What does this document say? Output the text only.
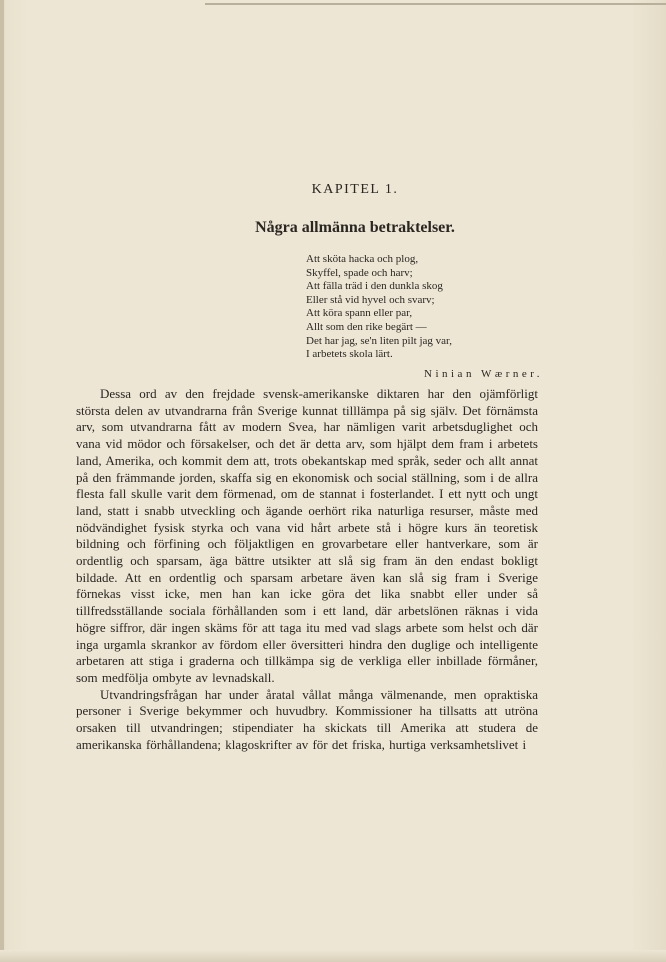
KAPITEL 1.
Några allmänna betraktelser.
Att sköta hacka och plog,
Skyffel, spade och harv;
Att fälla träd i den dunkla skog
Eller stå vid hyvel och svarv;
Att köra spann eller par,
Allt som den rike begärt —
Det har jag, se'n liten pilt jag var,
I arbetets skola lärt.
Ninian Wærner.

Dessa ord av den frejdade svensk-amerikanske diktaren har den ojämförligt största delen av utvandrarna från Sverige kunnat tilllämpa på sig själv. Det förnämsta arv, som utvandrarna fått av modern Svea, har nämligen varit arbetsduglighet och vana vid mödor och försakelser, och det är detta arv, som hjälpt dem fram i arbetets land, Amerika, och kommit dem att, trots obekantskap med språk, seder och allt annat på den främmande jorden, skaffa sig en ekonomisk och social ställning, som i de allra flesta fall skulle varit dem förmenad, om de stannat i fosterlandet. I ett nytt och ungt land, statt i snabb utveckling och ägande oerhört rika naturliga resurser, måste med nödvändighet fysisk styrka och vana vid hårt arbete stå i högre kurs än teoretisk bildning och förfining och följaktligen en grovarbetare eller hantverkare, som är ordentlig och sparsam, äga bättre utsikter att slå sig fram än den endast bokligt bildade. Att en ordentlig och sparsam arbetare även kan slå sig fram i Sverige förnekas visst icke, men han kan icke göra det lika snabbt eller under så tillfredsställande sociala förhållanden som i ett land, där arbetslönen räknas i vida högre siffror, där ingen skäms för att taga itu med vad slags arbete som helst och där inga urgamla skrankor av fördom eller översitteri hindra den duglige och intelligente arbetaren att stiga i graderna och tillkämpa sig de verkliga eller inbillade förmåner, som medfölja ombyte av levnadskall.

Utvandringsfrågan har under åratal vållat många välmenande, men opraktiska personer i Sverige bekymmer och huvudbry. Kommissioner ha tillsatts att utröna orsaken till utvandringen; stipendiater ha skickats till Amerika att studera de amerikanska förhållandena; klagoskrifter av för det friska, hurtiga verksamhetslivet i
